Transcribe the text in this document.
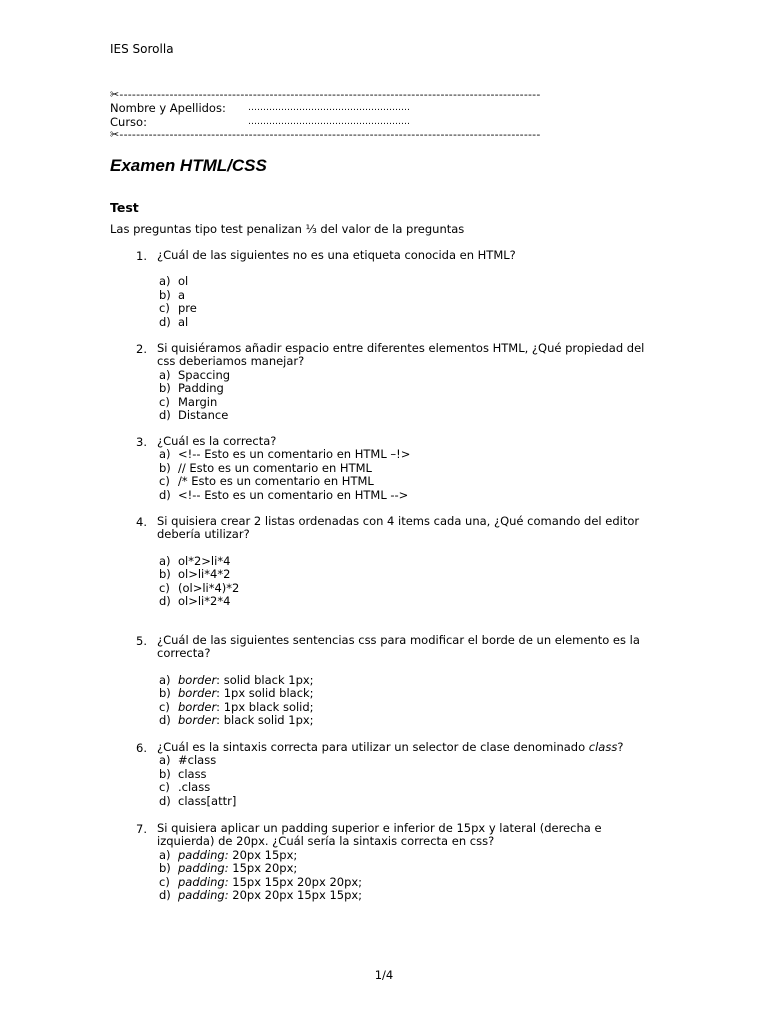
IES Sorolla
✂-----------------------------------------------------------------------------------------------------
Nombre y Apellidos: ………………………………………………
Curso:	………………………………………………
✂-----------------------------------------------------------------------------------------------------
Examen HTML/CSS
Test
Las preguntas tipo test penalizan ⅓ del valor de la preguntas
1. ¿Cuál de las siguientes no es una etiqueta conocida en HTML?
a) ol
b) a
c) pre
d) al
2. Si quisiéramos añadir espacio entre diferentes elementos HTML, ¿Qué propiedad del css deberiamos manejar?
a) Spaccing
b) Padding
c) Margin
d) Distance
3. ¿Cuál es la correcta?
a) <!-- Esto es un comentario en HTML –!>
b) // Esto es un comentario en HTML
c) /* Esto es un comentario en HTML
d) <!-- Esto es un comentario en HTML -->
4. Si quisiera crear 2 listas ordenadas con 4 items cada una, ¿Qué comando del editor debería utilizar?
a) ol*2>li*4
b) ol>li*4*2
c) (ol>li*4)*2
d) ol>li*2*4
5. ¿Cuál de las siguientes sentencias css para modificar el borde de un elemento es la correcta?
a) border: solid black 1px;
b) border: 1px solid black;
c) border: 1px black solid;
d) border: black solid 1px;
6. ¿Cuál es la sintaxis correcta para utilizar un selector de clase denominado class?
a) #class
b) class
c) .class
d) class[attr]
7. Si quisiera aplicar un padding superior e inferior de 15px y lateral (derecha e izquierda) de 20px. ¿Cuál sería la sintaxis correcta en css?
a) padding: 20px 15px;
b) padding: 15px 20px;
c) padding: 15px 15px 20px 20px;
d) padding: 20px 20px 15px 15px;
1/4
